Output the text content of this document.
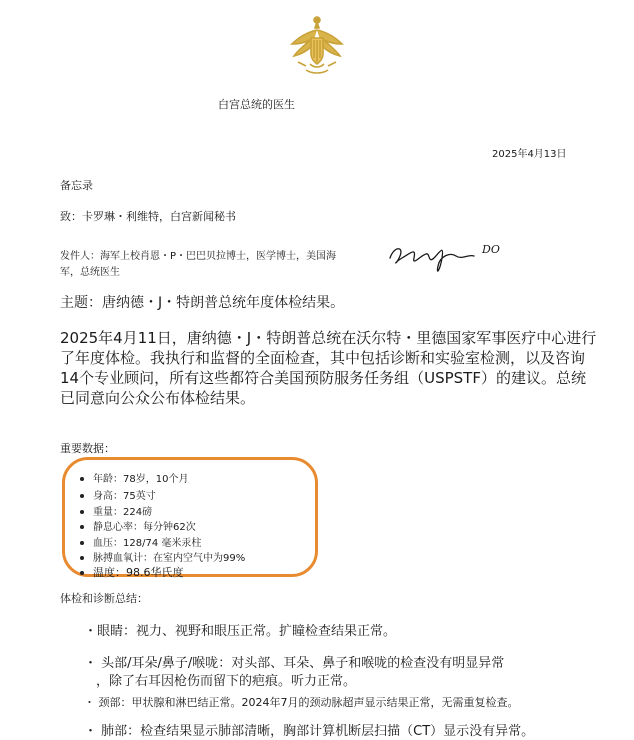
白宫总统的医生
2025年4月13日
备忘录
致：卡罗琳・利维特，白宫新闻秘书
发件人：海军上校肖恩・P・巴巴贝拉博士，医学博士，美国海
军，总统医生
DO
主题：唐纳德・J・特朗普总统年度体检结果。
2025年4月11日，唐纳德・J・特朗普总统在沃尔特・里德国家军事医疗中心进行
了年度体检。我执行和监督的全面检查，其中包括诊断和实验室检测，以及咨询
14个专业顾问，所有这些都符合美国预防服务任务组（USPSTF）的建议。总统
已同意向公众公布体检结果。
重要数据：
年龄：78岁，10个月
身高：75英寸
重量：224磅
静息心率：每分钟62次
血压：128/74 毫米汞柱
脉搏血氧计：在室内空气中为99%
温度：98.6华氏度
体检和诊断总结：
・眼睛：视力、视野和眼压正常。扩瞳检查结果正常。
・ 头部/耳朵/鼻子/喉咙：对头部、耳朵、鼻子和喉咙的检查没有明显异常
，除了右耳因枪伤而留下的疤痕。听力正常。
・ 颈部：甲状腺和淋巴结正常。2024年7月的颈动脉超声显示结果正常，无需重复检查。
・ 肺部：检查结果显示肺部清晰，胸部计算机断层扫描（CT）显示没有异常。
